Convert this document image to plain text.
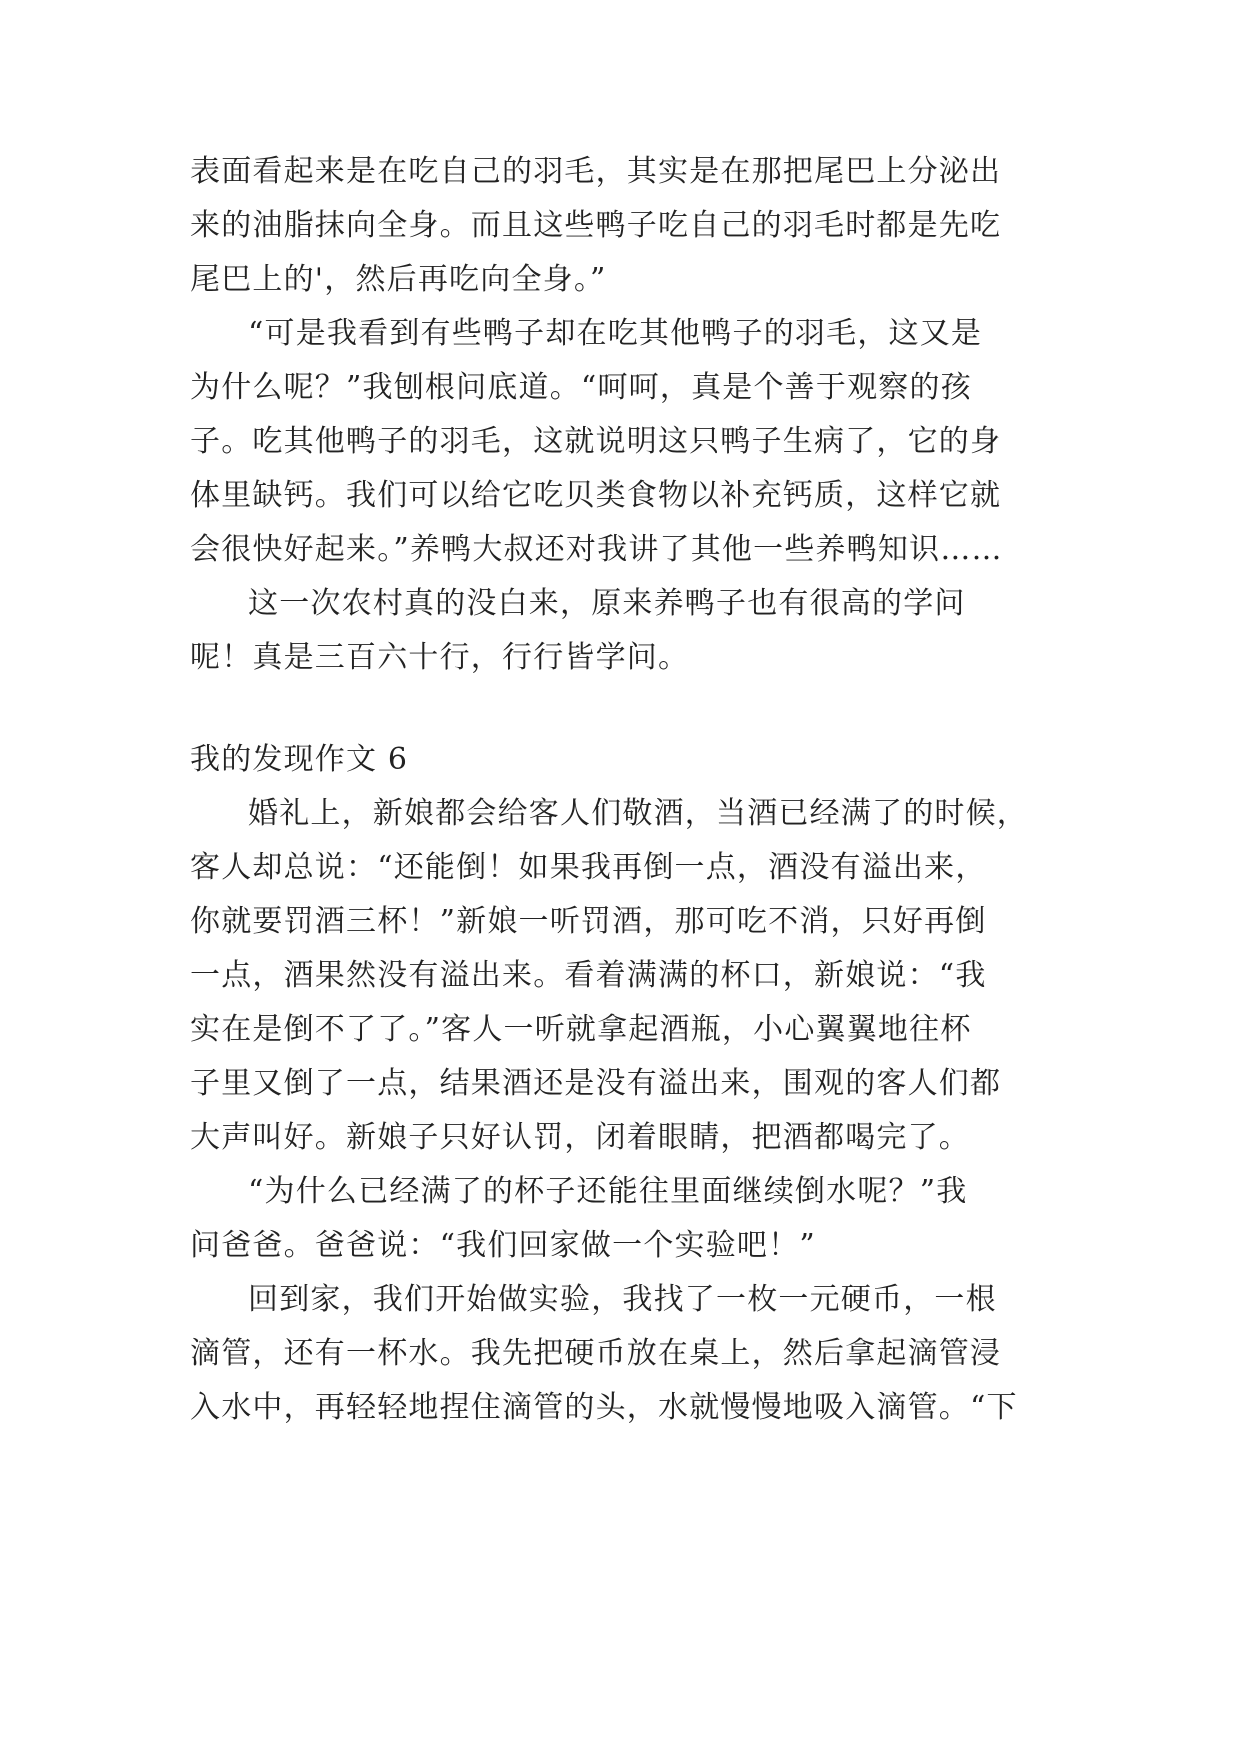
表面看起来是在吃自己的羽毛，其实是在那把尾巴上分泌出
来的油脂抹向全身。而且这些鸭子吃自己的羽毛时都是先吃
尾巴上的'，然后再吃向全身。”
“可是我看到有些鸭子却在吃其他鸭子的羽毛，这又是
为什么呢？”我刨根问底道。“呵呵，真是个善于观察的孩
子。吃其他鸭子的羽毛，这就说明这只鸭子生病了，它的身
体里缺钙。我们可以给它吃贝类食物以补充钙质，这样它就
会很快好起来。”养鸭大叔还对我讲了其他一些养鸭知识……
这一次农村真的没白来，原来养鸭子也有很高的学问
呢！真是三百六十行，行行皆学问。
我的发现作文 6
婚礼上，新娘都会给客人们敬酒，当酒已经满了的时候，
客人却总说：“还能倒！如果我再倒一点，酒没有溢出来，
你就要罚酒三杯！”新娘一听罚酒，那可吃不消，只好再倒
一点，酒果然没有溢出来。看着满满的杯口，新娘说：“我
实在是倒不了了。”客人一听就拿起酒瓶，小心翼翼地往杯
子里又倒了一点，结果酒还是没有溢出来，围观的客人们都
大声叫好。新娘子只好认罚，闭着眼睛，把酒都喝完了。
“为什么已经满了的杯子还能往里面继续倒水呢？”我
问爸爸。爸爸说：“我们回家做一个实验吧！”
回到家，我们开始做实验，我找了一枚一元硬币，一根
滴管，还有一杯水。我先把硬币放在桌上，然后拿起滴管浸
入水中，再轻轻地捏住滴管的头，水就慢慢地吸入滴管。“下
